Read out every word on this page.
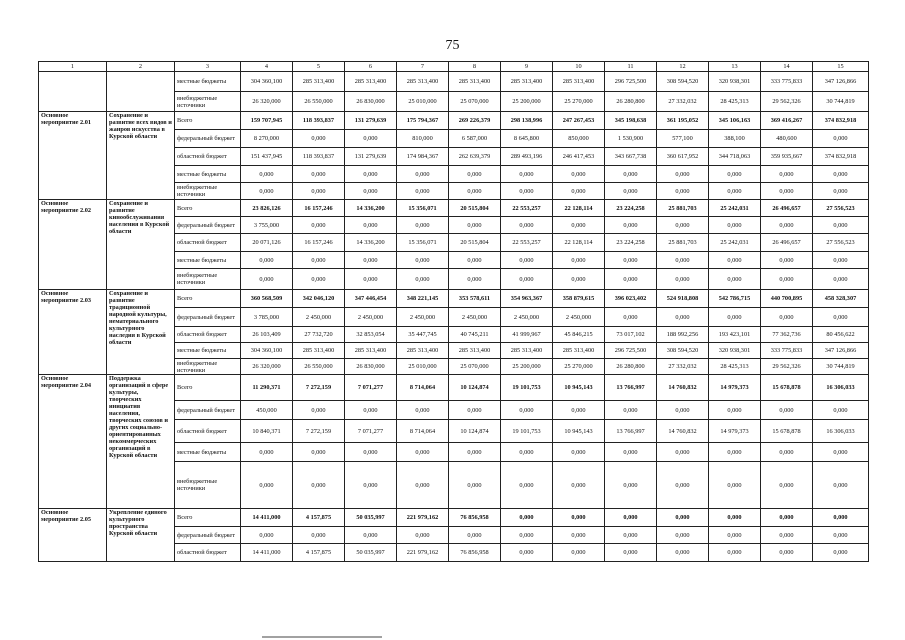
75
1	2	3	4	5	6	7	8	9	10	11	12	13	14	15
		местные бюджеты	304 360,100	285 313,400	285 313,400	285 313,400	285 313,400	285 313,400	285 313,400	296 725,500	308 594,520	320 938,301	333 775,833	347 126,866
		внебюджетные источники	26 320,000	26 550,000	26 830,000	25 010,000	25 070,000	25 200,000	25 270,000	26 280,800	27 332,032	28 425,313	29 562,326	30 744,819
Основное мероприятие 2.01	Сохранение и развитие всех видов и жанров искусства в Курской области	Всего	159 707,945	118 393,837	131 279,639	175 794,367	269 226,379	298 138,996	247 267,453	345 198,638	361 195,052	345 106,163	369 416,267	374 832,918
		федеральный бюджет	8 270,000	0,000	0,000	810,000	6 587,000	8 645,800	850,000	1 530,900	577,100	388,100	480,600	0,000
		областной бюджет	151 437,945	118 393,837	131 279,639	174 984,367	262 639,379	289 493,196	246 417,453	343 667,738	360 617,952	344 718,063	359 935,667	374 832,918
		местные бюджеты	0,000	0,000	0,000	0,000	0,000	0,000	0,000	0,000	0,000	0,000	0,000	0,000
		внебюджетные источники	0,000	0,000	0,000	0,000	0,000	0,000	0,000	0,000	0,000	0,000	0,000	0,000
Основное мероприятие 2.02	Сохранение и развитие кинообслуживания населения в Курской области	Всего	23 826,126	16 157,246	14 336,200	15 356,071	20 515,804	22 553,257	22 128,114	23 224,258	25 881,703	25 242,031	26 496,657	27 556,523
		федеральный бюджет	3 755,000	0,000	0,000	0,000	0,000	0,000	0,000	0,000	0,000	0,000	0,000	0,000
		областной бюджет	20 071,126	16 157,246	14 336,200	15 356,071	20 515,804	22 553,257	22 128,114	23 224,258	25 881,703	25 242,031	26 496,657	27 556,523
		местные бюджеты	0,000	0,000	0,000	0,000	0,000	0,000	0,000	0,000	0,000	0,000	0,000	0,000
		внебюджетные источники	0,000	0,000	0,000	0,000	0,000	0,000	0,000	0,000	0,000	0,000	0,000	0,000
Основное мероприятие 2.03	Сохранение и развитие традиционной народной культуры, нематериального культурного наследия в Курской области	Всего	360 568,509	342 046,120	347 446,454	348 221,145	353 578,611	354 963,367	358 879,615	396 023,402	524 918,808	542 786,715	440 700,895	458 328,307
		федеральный бюджет	3 785,000	2 450,000	2 450,000	2 450,000	2 450,000	2 450,000	2 450,000	0,000	0,000	0,000	0,000	0,000
		областной бюджет	26 103,409	27 732,720	32 853,054	35 447,745	40 745,211	41 999,967	45 846,215	73 017,102	188 992,256	193 423,101	77 362,736	80 456,622
		местные бюджеты	304 360,100	285 313,400	285 313,400	285 313,400	285 313,400	285 313,400	285 313,400	296 725,500	308 594,520	320 938,301	333 775,833	347 126,866
		внебюджетные источники	26 320,000	26 550,000	26 830,000	25 010,000	25 070,000	25 200,000	25 270,000	26 280,800	27 332,032	28 425,313	29 562,326	30 744,819
Основное мероприятие 2.04	Поддержка организаций в сфере культуры, творческих инициатив населения, творческих союзов и других социально-ориентированных некоммерческих организаций в Курской области	Всего	11 290,371	7 272,159	7 071,277	8 714,064	10 124,874	19 101,753	10 945,143	13 766,997	14 760,832	14 979,373	15 678,878	16 306,033
		федеральный бюджет	450,000	0,000	0,000	0,000	0,000	0,000	0,000	0,000	0,000	0,000	0,000	0,000
		областной бюджет	10 840,371	7 272,159	7 071,277	8 714,064	10 124,874	19 101,753	10 945,143	13 766,997	14 760,832	14 979,373	15 678,878	16 306,033
		местные бюджеты	0,000	0,000	0,000	0,000	0,000	0,000	0,000	0,000	0,000	0,000	0,000	0,000
		внебюджетные источники	0,000	0,000	0,000	0,000	0,000	0,000	0,000	0,000	0,000	0,000	0,000	0,000
Основное мероприятие 2.05	Укрепление единого культурного пространства Курской области	Всего	14 411,000	4 157,875	50 035,997	221 979,162	76 856,958	0,000	0,000	0,000	0,000	0,000	0,000	0,000
		федеральный бюджет	0,000	0,000	0,000	0,000	0,000	0,000	0,000	0,000	0,000	0,000	0,000	0,000
		областной бюджет	14 411,000	4 157,875	50 035,997	221 979,162	76 856,958	0,000	0,000	0,000	0,000	0,000	0,000	0,000
